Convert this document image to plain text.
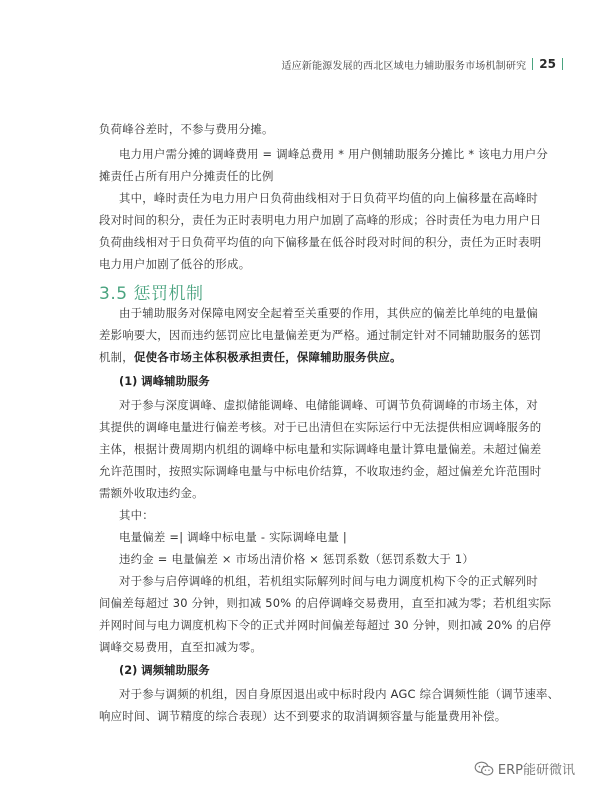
适应新能源发展的西北区域电力辅助服务市场机制研究 25
负荷峰谷差时，不参与费用分摊。
电力用户需分摊的调峰费用 = 调峰总费用 * 用户侧辅助服务分摊比 * 该电力用户分
摊责任占所有用户分摊责任的比例
其中，峰时责任为电力用户日负荷曲线相对于日负荷平均值的向上偏移量在高峰时
段对时间的积分，责任为正时表明电力用户加剧了高峰的形成；谷时责任为电力用户日
负荷曲线相对于日负荷平均值的向下偏移量在低谷时段对时间的积分，责任为正时表明
电力用户加剧了低谷的形成。
3.5 惩罚机制
由于辅助服务对保障电网安全起着至关重要的作用，其供应的偏差比单纯的电量偏
差影响要大，因而违约惩罚应比电量偏差更为严格。通过制定针对不同辅助服务的惩罚
机制，促使各市场主体积极承担责任，保障辅助服务供应。
(1) 调峰辅助服务
对于参与深度调峰、虚拟储能调峰、电储能调峰、可调节负荷调峰的市场主体，对
其提供的调峰电量进行偏差考核。对于已出清但在实际运行中无法提供相应调峰服务的
主体，根据计费周期内机组的调峰中标电量和实际调峰电量计算电量偏差。未超过偏差
允许范围时，按照实际调峰电量与中标电价结算，不收取违约金，超过偏差允许范围时
需额外收取违约金。
其中：
电量偏差 =| 调峰中标电量 - 实际调峰电量 |
违约金 = 电量偏差 × 市场出清价格 × 惩罚系数（惩罚系数大于 1）
对于参与启停调峰的机组，若机组实际解列时间与电力调度机构下令的正式解列时
间偏差每超过 30 分钟，则扣减 50% 的启停调峰交易费用，直至扣减为零；若机组实际
并网时间与电力调度机构下令的正式并网时间偏差每超过 30 分钟，则扣减 20% 的启停
调峰交易费用，直至扣减为零。
(2) 调频辅助服务
对于参与调频的机组，因自身原因退出或中标时段内 AGC 综合调频性能（调节速率、
响应时间、调节精度的综合表现）达不到要求的取消调频容量与能量费用补偿。
ERP能研微讯
